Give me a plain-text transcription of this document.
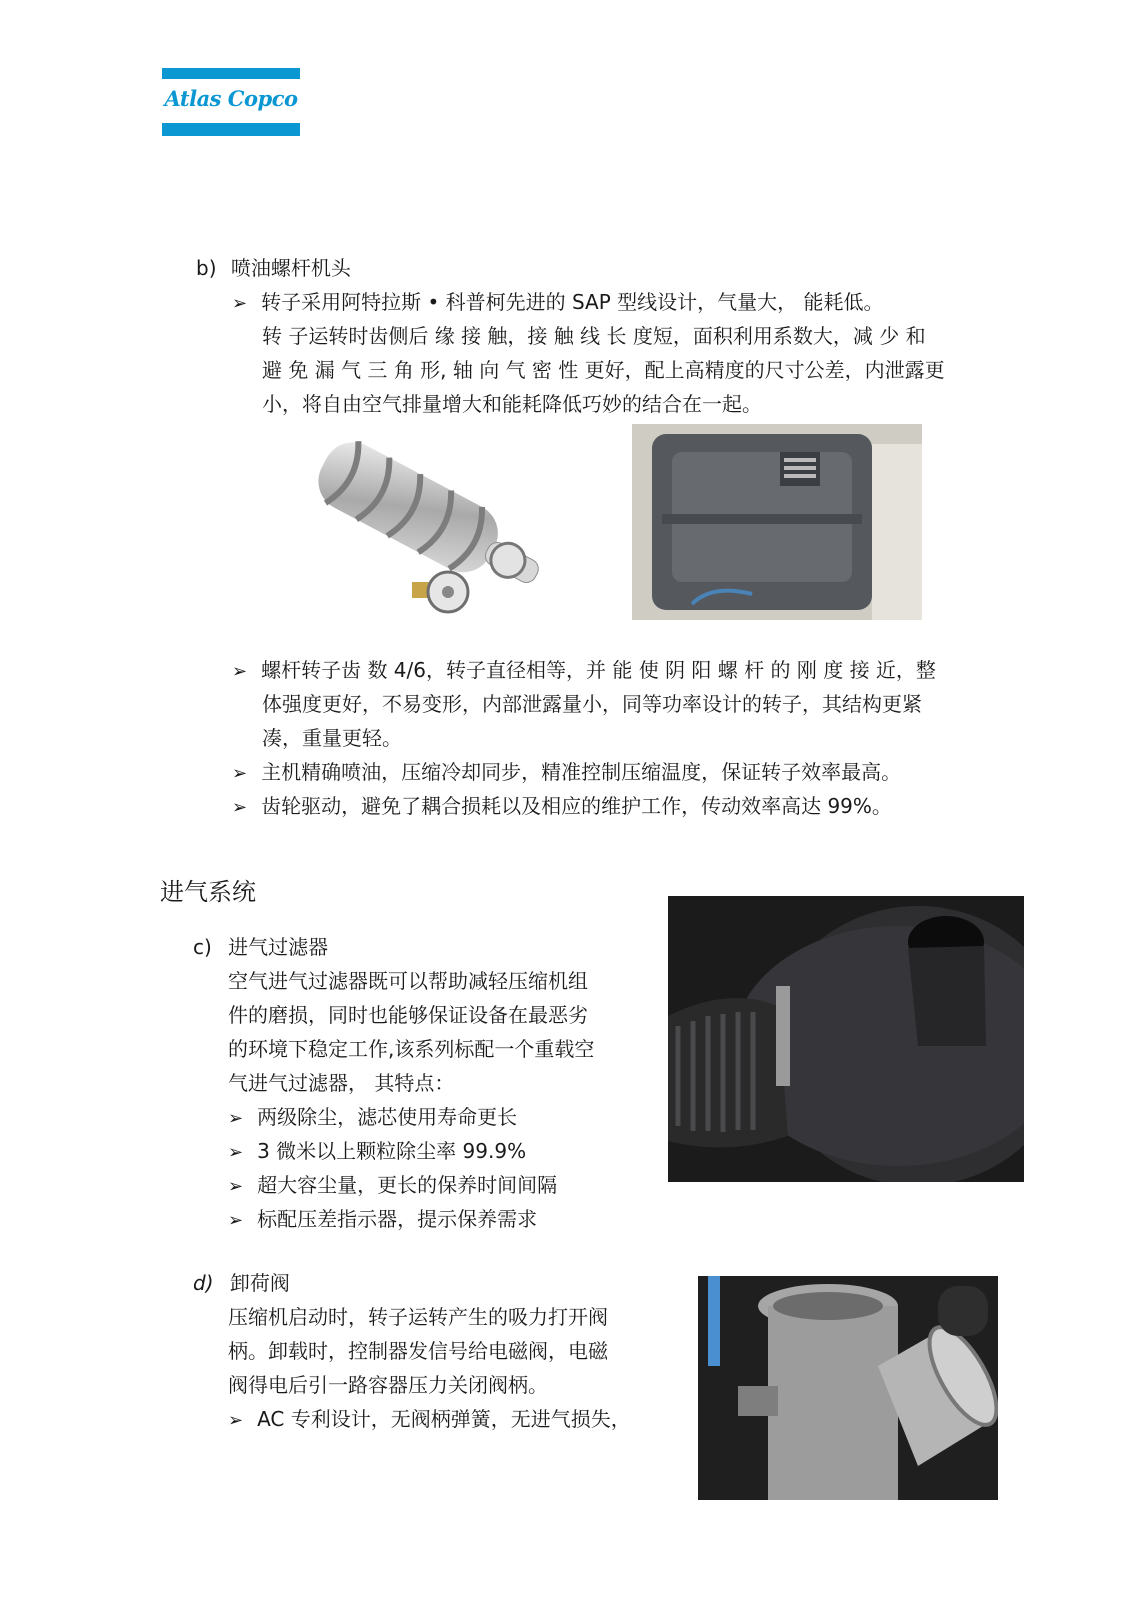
Atlas Copco
b) 喷油螺杆机头
➢ 转子采用阿特拉斯 • 科普柯先进的 SAP 型线设计，气量大， 能耗低。
转 子运转时齿侧后 缘 接 触，接 触 线 长 度短，面积利用系数大，减 少 和
避 免 漏 气 三 角 形, 轴 向 气 密 性 更好，配上高精度的尺寸公差，内泄露更
小，将自由空气排量增大和能耗降低巧妙的结合在一起。
➢ 螺杆转子齿 数 4/6，转子直径相等，并 能 使 阴 阳 螺 杆 的 刚 度 接 近，整
体强度更好，不易变形，内部泄露量小，同等功率设计的转子，其结构更紧
凑，重量更轻。
➢ 主机精确喷油，压缩冷却同步，精准控制压缩温度，保证转子效率最高。
➢ 齿轮驱动，避免了耦合损耗以及相应的维护工作，传动效率高达 99%。
进气系统
c) 进气过滤器
空气进气过滤器既可以帮助减轻压缩机组
件的磨损，同时也能够保证设备在最恶劣
的环境下稳定工作,该系列标配一个重载空
气进气过滤器， 其特点：
➢ 两级除尘，滤芯使用寿命更长
➢ 3 微米以上颗粒除尘率 99.9%
➢ 超大容尘量，更长的保养时间间隔
➢ 标配压差指示器，提示保养需求
d) 卸荷阀
压缩机启动时，转子运转产生的吸力打开阀
柄。卸载时，控制器发信号给电磁阀，电磁
阀得电后引一路容器压力关闭阀柄。
➢ AC 专利设计，无阀柄弹簧，无进气损失，
